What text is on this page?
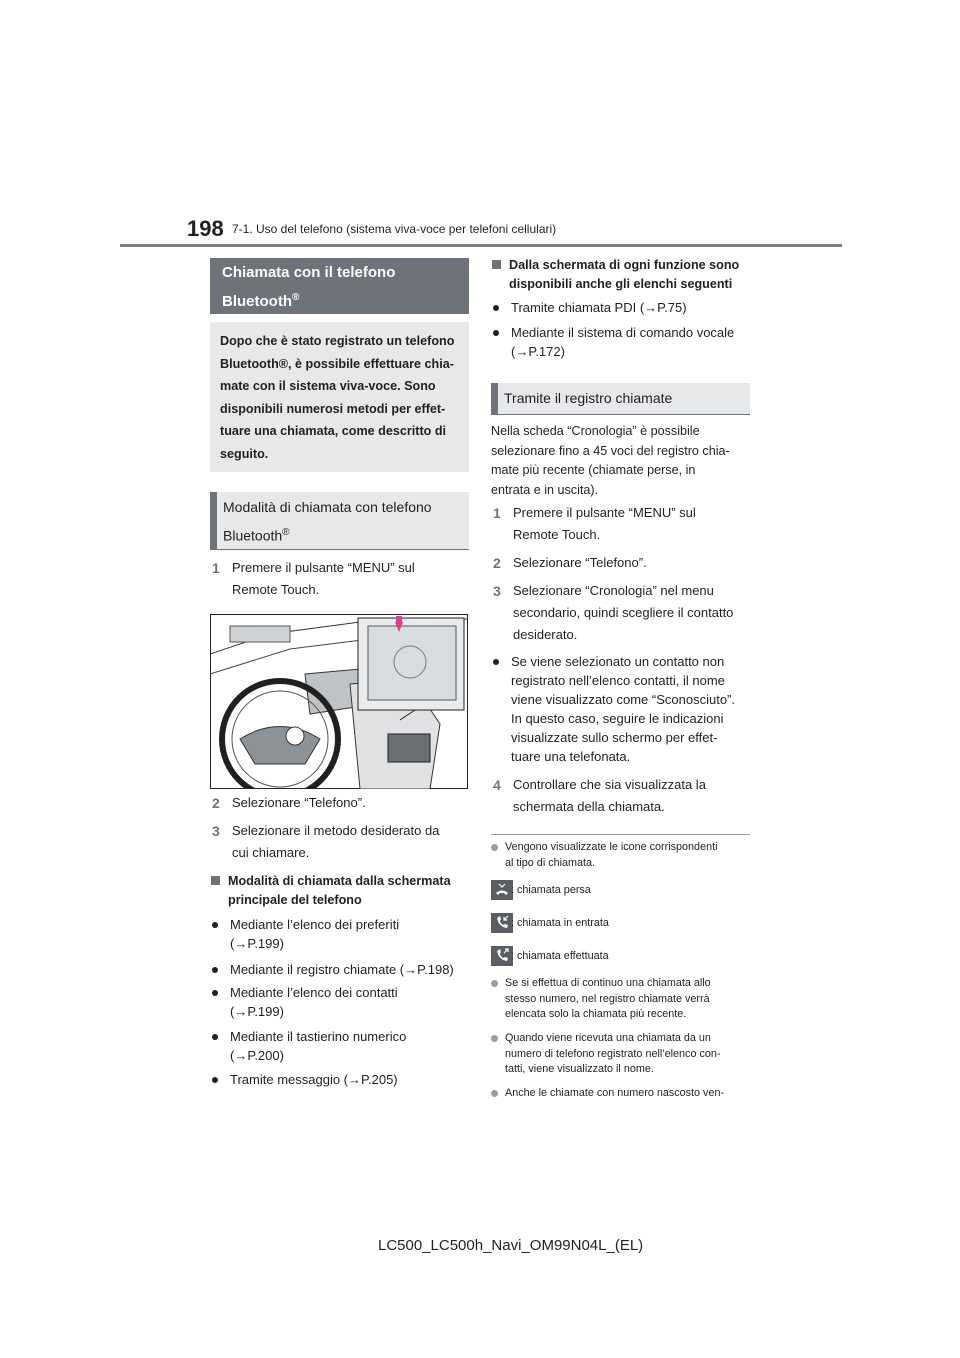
198 7-1. Uso del telefono (sistema viva-voce per telefoni cellulari)
Chiamata con il telefono
Bluetooth®
Dopo che è stato registrato un telefono
Bluetooth®, è possibile effettuare chia-
mate con il sistema viva-voce. Sono
disponibili numerosi metodi per effet-
tuare una chiamata, come descritto di
seguito.
Modalità di chiamata con telefono
Bluetooth®
1 Premere il pulsante “MENU” sul
Remote Touch.
2 Selezionare “Telefono”.
3 Selezionare il metodo desiderato da
cui chiamare.
Modalità di chiamata dalla schermata
principale del telefono
Mediante l’elenco dei preferiti
(→P.199)
Mediante il registro chiamate (→P.198)
Mediante l’elenco dei contatti
(→P.199)
Mediante il tastierino numerico
(→P.200)
Tramite messaggio (→P.205)
Dalla schermata di ogni funzione sono
disponibili anche gli elenchi seguenti
Tramite chiamata PDI (→P.75)
Mediante il sistema di comando vocale
(→P.172)
Tramite il registro chiamate
Nella scheda “Cronologia” è possibile
selezionare fino a 45 voci del registro chia-
mate più recente (chiamate perse, in
entrata e in uscita).
1 Premere il pulsante “MENU” sul
Remote Touch.
2 Selezionare “Telefono”.
3 Selezionare “Cronologia” nel menu
secondario, quindi scegliere il contatto
desiderato.
Se viene selezionato un contatto non
registrato nell’elenco contatti, il nome
viene visualizzato come “Sconosciuto”.
In questo caso, seguire le indicazioni
visualizzate sullo schermo per effet-
tuare una telefonata.
4 Controllare che sia visualizzata la
schermata della chiamata.
Vengono visualizzate le icone corrispondenti
al tipo di chiamata.
: chiamata persa
: chiamata in entrata
: chiamata effettuata
Se si effettua di continuo una chiamata allo
stesso numero, nel registro chiamate verrà
elencata solo la chiamata più recente.
Quando viene ricevuta una chiamata da un
numero di telefono registrato nell’elenco con-
tatti, viene visualizzato il nome.
Anche le chiamate con numero nascosto ven-
LC500_LC500h_Navi_OM99N04L_(EL)
